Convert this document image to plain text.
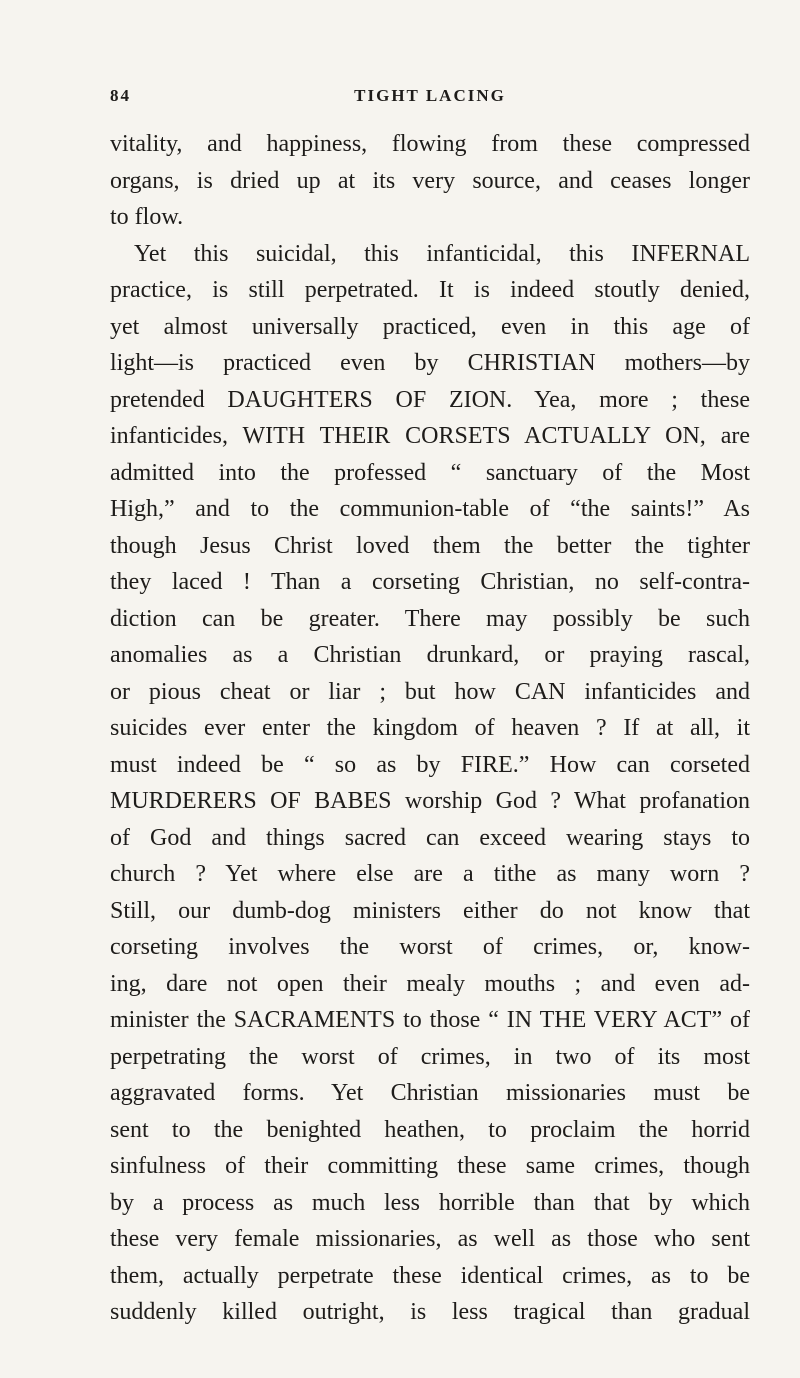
84	TIGHT LACING
vitality, and happiness, flowing from these compressed
organs, is dried up at its very source, and ceases longer
to flow.
Yet this suicidal, this infanticidal, this INFERNAL
practice, is still perpetrated. It is indeed stoutly denied,
yet almost universally practiced, even in this age of
light—is practiced even by CHRISTIAN mothers—by
pretended DAUGHTERS OF ZION. Yea, more ; these
infanticides, WITH THEIR CORSETS ACTUALLY ON, are
admitted into the professed “ sanctuary of the Most
High,” and to the communion-table of “the saints!” As
though Jesus Christ loved them the better the tighter
they laced ! Than a corseting Christian, no self-contra-
diction can be greater. There may possibly be such
anomalies as a Christian drunkard, or praying rascal,
or pious cheat or liar ; but how CAN infanticides and
suicides ever enter the kingdom of heaven ? If at all, it
must indeed be “ so as by FIRE.” How can corseted
MURDERERS OF BABES worship God ? What profanation
of God and things sacred can exceed wearing stays to
church ? Yet where else are a tithe as many worn ?
Still, our dumb-dog ministers either do not know that
corseting involves the worst of crimes, or, know-
ing, dare not open their mealy mouths ; and even ad-
minister the SACRAMENTS to those “ IN THE VERY ACT” of
perpetrating the worst of crimes, in two of its most
aggravated forms. Yet Christian missionaries must be
sent to the benighted heathen, to proclaim the horrid
sinfulness of their committing these same crimes, though
by a process as much less horrible than that by which
these very female missionaries, as well as those who sent
them, actually perpetrate these identical crimes, as to be
suddenly killed outright, is less tragical than gradual
